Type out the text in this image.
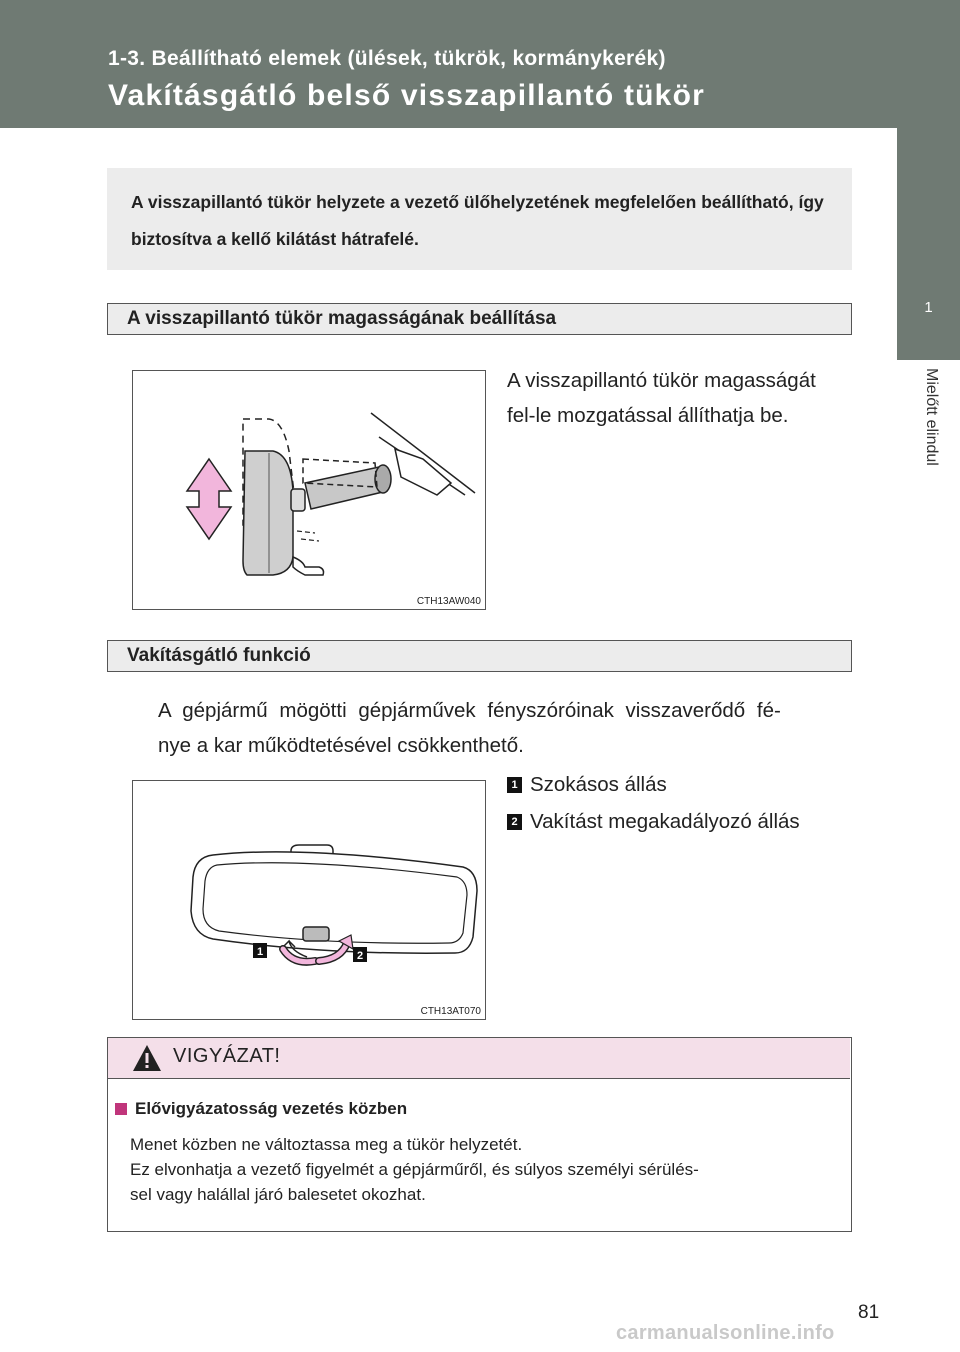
1-3. Beállítható elemek (ülések, tükrök, kormánykerék)
Vakításgátló belső visszapillantó tükör
1
Mielőtt elindul

A visszapillantó tükör helyzete a vezető ülőhelyzetének megfelelően beállítható, így biztosítva a kellő kilátást hátrafelé.

A visszapillantó tükör magasságának beállítása
CTH13AW040
A visszapillantó tükör magasságát
fel-le mozgatással állíthatja be.
Vakításgátló funkció
A gépjármű mögötti gépjárművek fényszóróinak visszaverődő fé-
nye a kar működtetésével csökkenthető.
1 Szokásos állás
2 Vakítást megakadályozó állás
1	2
CTH13AT070
VIGYÁZAT!
Elővigyázatosság vezetés közben
Menet közben ne változtassa meg a tükör helyzetét.
Ez elvonhatja a vezető figyelmét a gépjárműről, és súlyos személyi sérülés-
sel vagy halállal járó balesetet okozhat.
81
carmanualsonline.info
